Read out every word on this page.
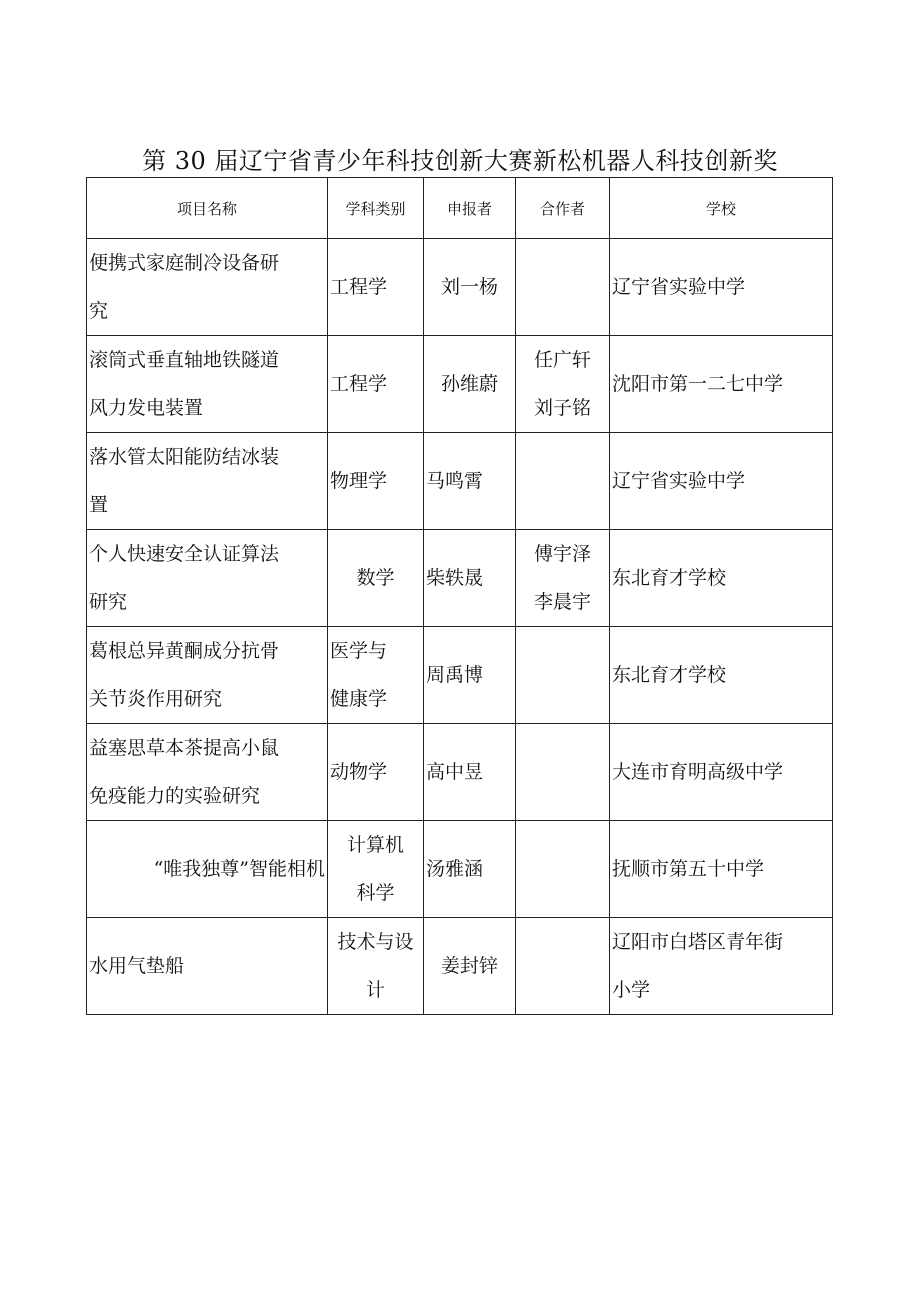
第 30 届辽宁省青少年科技创新大赛新松机器人科技创新奖
项目名称	学科类别	申报者	合作者	学校

便携式家庭制冷设备研
究	工程学	刘一杨		辽宁省实验中学

滚筒式垂直轴地铁隧道
风力发电装置	工程学	孙维蔚	任广轩
刘子铭	沈阳市第一二七中学

落水管太阳能防结冰装
置	物理学	马鸣霄		辽宁省实验中学

个人快速安全认证算法
研究	数学	柴轶晟	傅宇泽
李晨宇	东北育才学校

葛根总异黄酮成分抗骨
关节炎作用研究	医学与
健康学	周禹博		东北育才学校

益塞思草本茶提高小鼠
免疫能力的实验研究	动物学	高中昱		大连市育明高级中学

“唯我独尊”智能相机	计算机
科学	汤雅涵		抚顺市第五十中学

水用气垫船	技术与设
计	姜封锌		辽阳市白塔区青年街
小学
